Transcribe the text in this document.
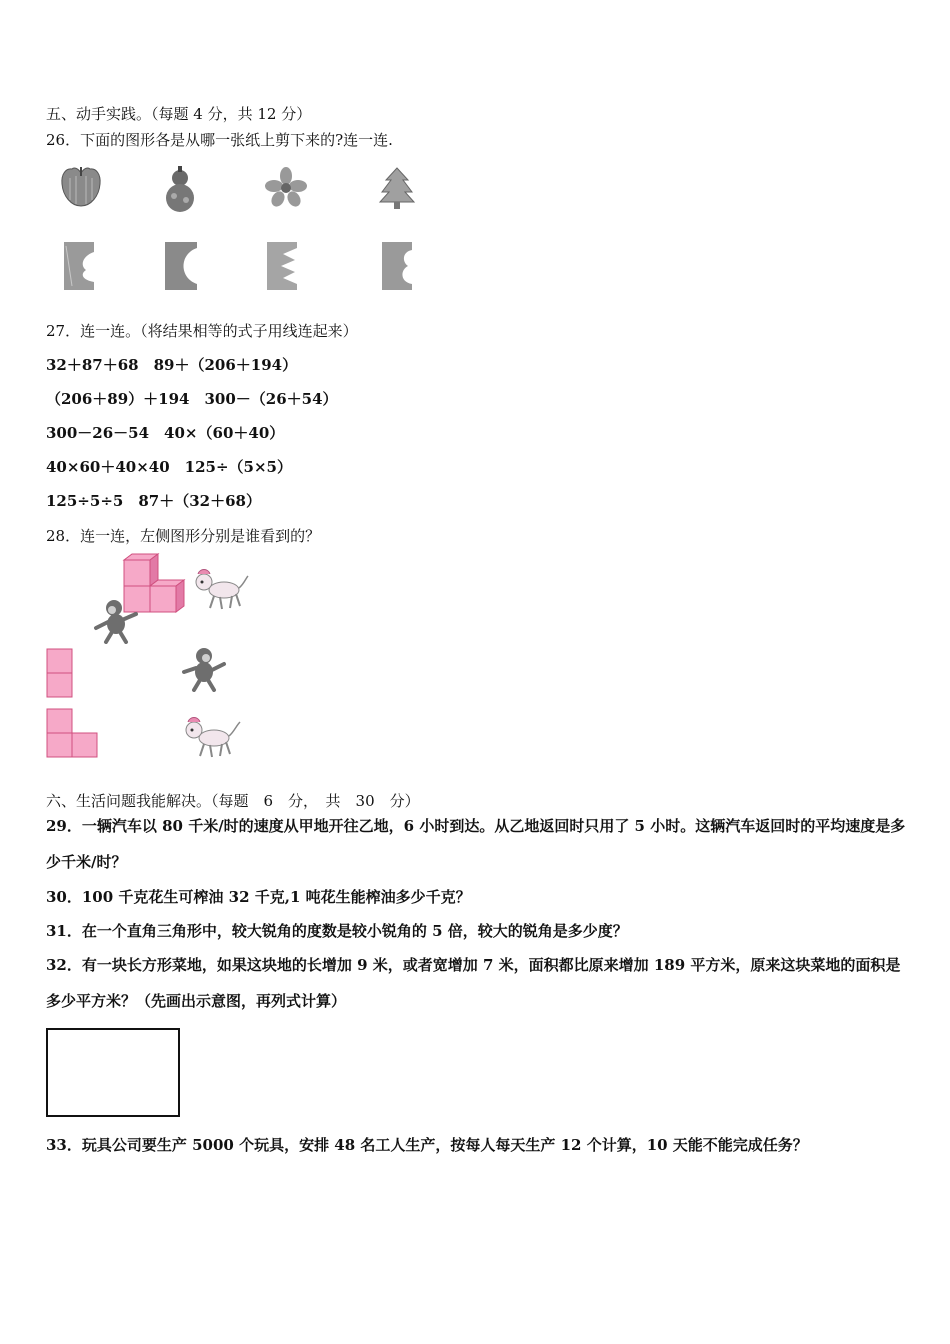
五、动手实践。（每题 4 分，共 12 分）
26．下面的图形各是从哪一张纸上剪下来的?连一连.
27．连一连。（将结果相等的式子用线连起来）
32＋87＋68　89＋（206＋194）
（206＋89）＋194　300－（26＋54）
300－26－54　40×（60＋40）
40×60＋40×40　125÷（5×5）
125÷5÷5　87＋（32＋68）
28．连一连，左侧图形分别是谁看到的？
六、生活问题我能解决。（每题　6　分，　共　30　分）
29．一辆汽车以 80 千米/时的速度从甲地开往乙地，6 小时到达。从乙地返回时只用了 5 小时。这辆汽车返回时的平均速度是多少千米/时？
30．100 千克花生可榨油 32 千克,1 吨花生能榨油多少千克？
31．在一个直角三角形中，较大锐角的度数是较小锐角的 5 倍，较大的锐角是多少度？
32．有一块长方形菜地，如果这块地的长增加 9 米，或者宽增加 7 米，面积都比原来增加 189 平方米，原来这块菜地的面积是多少平方米？（先画出示意图，再列式计算）
33．玩具公司要生产 5000 个玩具，安排 48 名工人生产，按每人每天生产 12 个计算，10 天能不能完成任务？
